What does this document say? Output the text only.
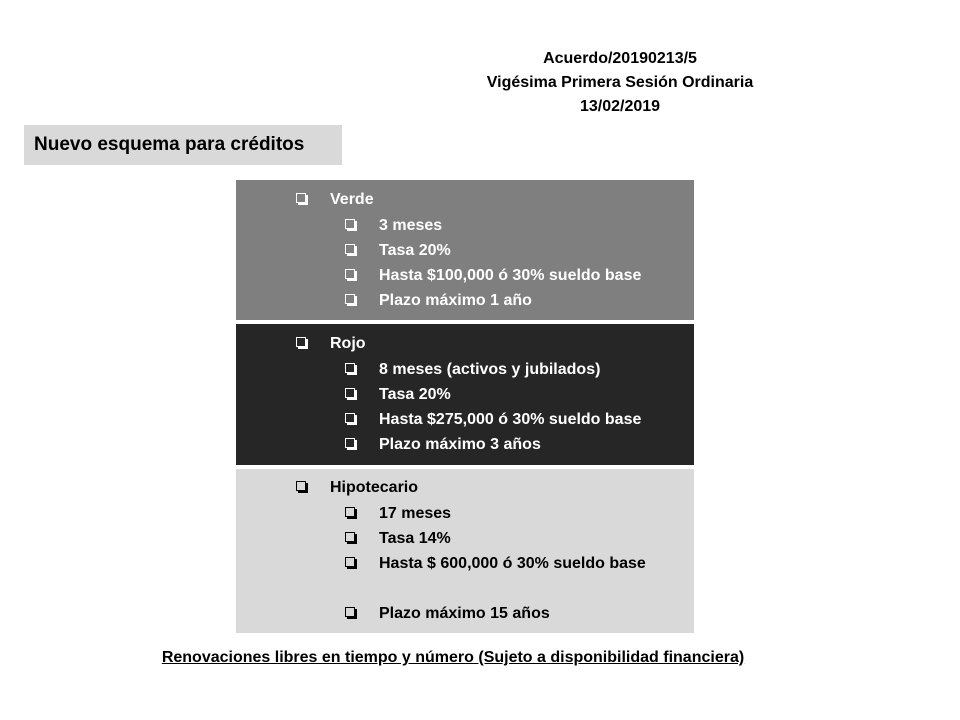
Acuerdo/20190213/5
Vigésima Primera Sesión Ordinaria
13/02/2019
Nuevo esquema para créditos
Verde
3 meses
Tasa 20%
Hasta $100,000 ó 30% sueldo base
Plazo máximo 1 año
Rojo
8 meses (activos y jubilados)
Tasa 20%
Hasta $275,000 ó 30% sueldo base
Plazo máximo 3 años
Hipotecario
17 meses
Tasa 14%
Hasta $ 600,000 ó 30% sueldo base
Plazo máximo 15 años
Renovaciones libres en tiempo y número (Sujeto a disponibilidad financiera)
